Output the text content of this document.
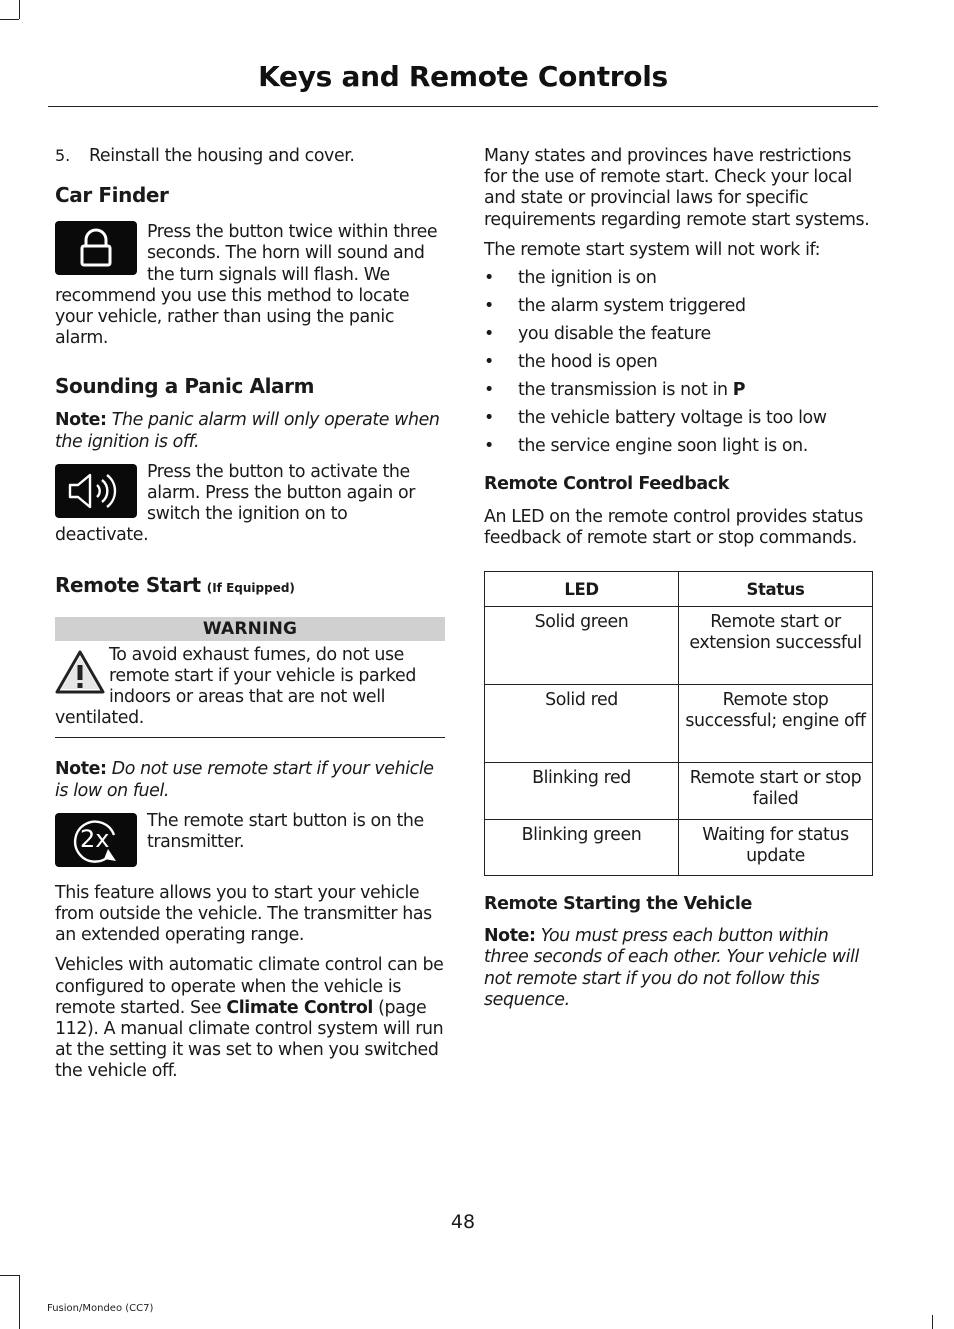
Keys and Remote Controls
5.	Reinstall the housing and cover.

Car Finder

Press the button twice within three seconds. The horn will sound and the turn signals will flash. We recommend you use this method to locate your vehicle, rather than using the panic alarm.

Sounding a Panic Alarm

Note: The panic alarm will only operate when the ignition is off.

Press the button to activate the alarm. Press the button again or switch the ignition on to deactivate.

Remote Start (If Equipped)
WARNING

To avoid exhaust fumes, do not use remote start if your vehicle is parked indoors or areas that are not well ventilated.

Note: Do not use remote start if your vehicle is low on fuel.

2x

The remote start button is on the transmitter.

This feature allows you to start your vehicle from outside the vehicle. The transmitter has an extended operating range.

Vehicles with automatic climate control can be configured to operate when the vehicle is remote started. See Climate Control (page 112). A manual climate control system will run at the setting it was set to when you switched the vehicle off.

Many states and provinces have restrictions for the use of remote start. Check your local and state or provincial laws for specific requirements regarding remote start systems.

The remote start system will not work if:

•	the ignition is on
•	the alarm system triggered
•	you disable the feature
•	the hood is open
•	the transmission is not in P
•	the vehicle battery voltage is too low
•	the service engine soon light is on.
Remote Control Feedback

An LED on the remote control provides status feedback of remote start or stop commands.

LED	Status
Solid green	Remote start or extension successful
Solid red	Remote stop successful; engine off
Blinking red	Remote start or stop failed
Blinking green	Waiting for status update
Remote Starting the Vehicle

Note: You must press each button within three seconds of each other. Your vehicle will not remote start if you do not follow this sequence.

48
Fusion/Mondeo (CC7)
